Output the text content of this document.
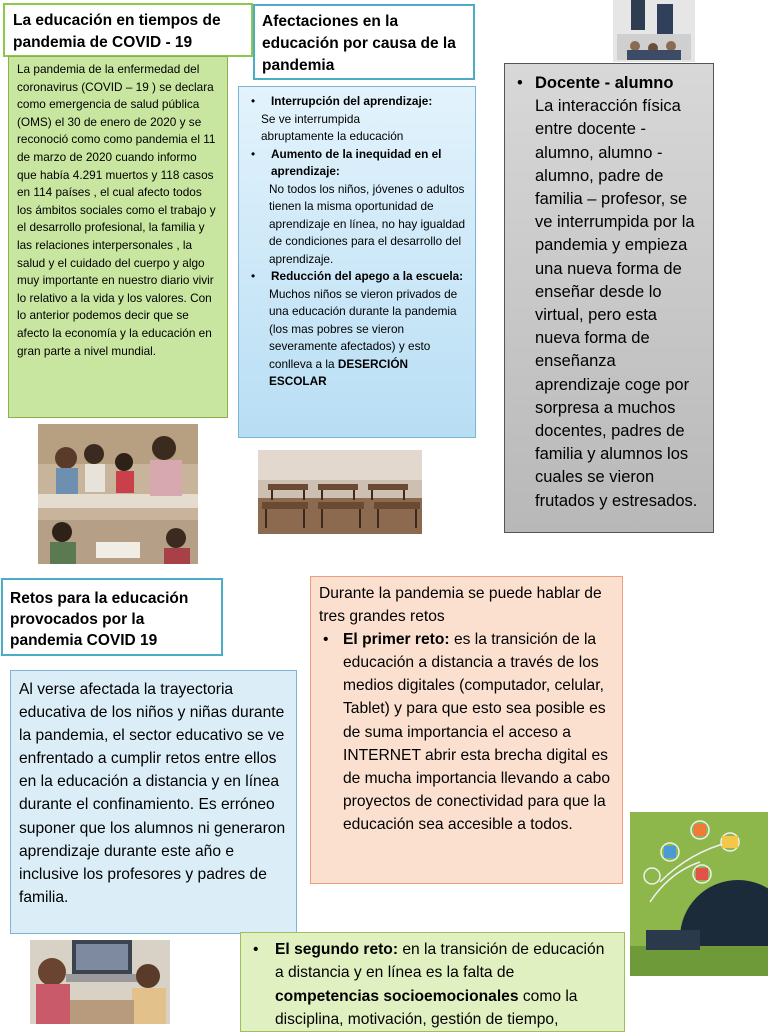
La educación en tiempos de pandemia de COVID - 19
Afectaciones en la educación por causa de la pandemia
La pandemia de la enfermedad del coronavirus (COVID – 19 ) se declara como emergencia de salud pública (OMS) el 30 de enero de 2020 y se reconoció como como pandemia el 11 de marzo de 2020 cuando informo que había 4.291 muertos y 118 casos en 114 países , el cual afecto todos los ámbitos sociales como el trabajo y el desarrollo profesional, la familia y las relaciones interpersonales , la salud y el cuidado del cuerpo y algo muy importante en nuestro diario vivir lo relativo a la vida y los valores. Con lo anterior podemos decir que se afecto la economía y la educación en gran parte a nivel mundial.
• Interrupción del aprendizaje:
Se ve interrumpida abruptamente la educación
• Aumento de la inequidad en el aprendizaje:
No todos los niños, jóvenes o adultos tienen la misma oportunidad de aprendizaje en línea, no hay igualdad de condiciones para el desarrollo del aprendizaje.
• Reducción del apego a la escuela:
Muchos niños se vieron privados de una educación durante la pandemia (los mas pobres se vieron severamente afectados) y esto conlleva a la DESERCIÓN ESCOLAR
• Docente - alumno
La interacción física entre docente - alumno, alumno - alumno, padre de familia – profesor, se ve interrumpida por la pandemia y empieza una nueva forma de enseñar desde lo virtual, pero esta nueva forma de enseñanza aprendizaje coge por sorpresa a muchos docentes, padres de familia y alumnos los cuales se vieron frutados y estresados.
Retos para la educación provocados por la pandemia COVID 19
Al verse afectada la trayectoria educativa de los niños y niñas durante la pandemia, el sector educativo se ve enfrentado a cumplir retos entre ellos en la educación a distancia y en línea durante el confinamiento. Es erróneo suponer que los alumnos ni generaron aprendizaje durante este año e inclusive los profesores y padres de familia.
Durante la pandemia se puede hablar de tres grandes retos
• El primer reto: es la transición de la educación a distancia a través de los medios digitales (computador, celular, Tablet) y para que esto sea posible es de suma importancia el acceso a INTERNET abrir esta brecha digital es de mucha importancia llevando a cabo proyectos de conectividad para que la educación sea accesible a todos.
• El segundo reto: en la transición de educación a distancia y en línea es la falta de competencias socioemocionales como la disciplina, motivación, gestión de tiempo,
